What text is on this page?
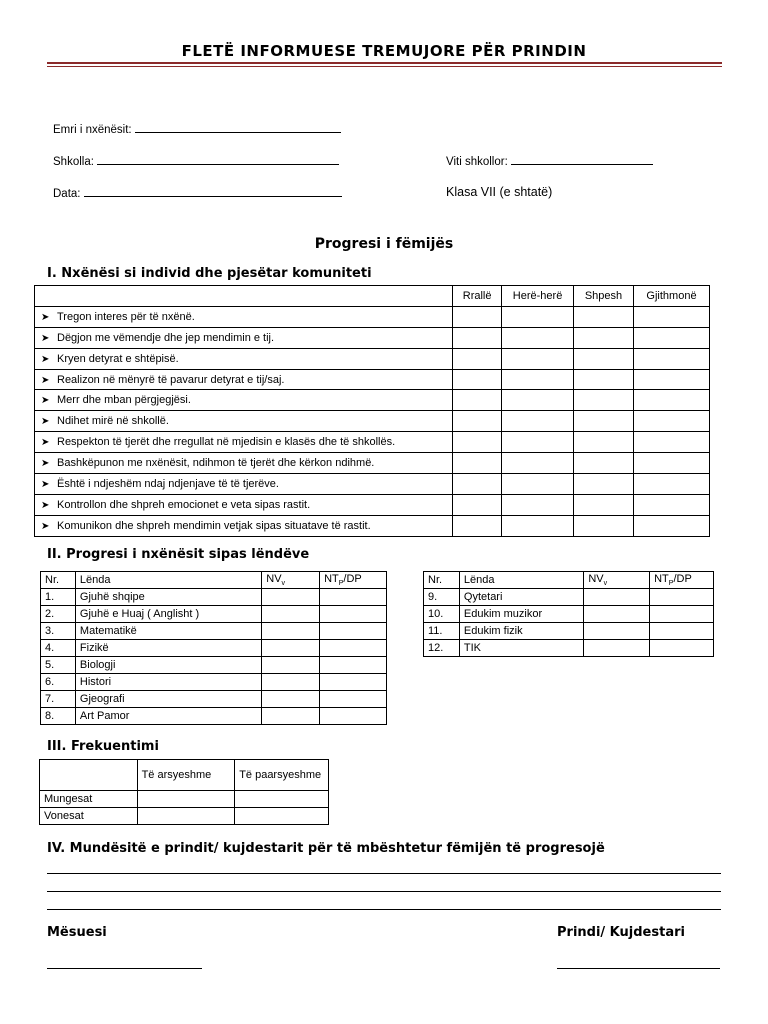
FLETË INFORMUESE TREMUJORE PËR PRINDIN
Emri i nxënësit:
Shkolla:	Viti shkollor:
Data:	Klasa VII (e shtatë)
Progresi i fëmijës
I. Nxënësi si individ dhe pjesëtar komuniteti
	Rrallë	Herë-herë	Shpesh	Gjithmonë
➤ Tregon interes për të nxënë.				
➤ Dëgjon me vëmendje dhe jep mendimin e tij.				
➤ Kryen detyrat e shtëpisë.				
➤ Realizon në mënyrë të pavarur detyrat e tij/saj.				
➤ Merr dhe mban përgjegjësi.				
➤ Ndihet mirë në shkollë.				
➤ Respekton të tjerët dhe rregullat në mjedisin e klasës dhe të shkollës.				
➤ Bashkëpunon me nxënësit, ndihmon të tjerët dhe kërkon ndihmë.				
➤ Është i ndjeshëm ndaj ndjenjave të të tjerëve.				
➤ Kontrollon dhe shpreh emocionet e veta sipas rastit.				
➤ Komunikon dhe shpreh mendimin vetjak sipas situatave të rastit.				
II. Progresi i nxënësit sipas lëndëve
Nr.	Lënda	$NV_v$	$NT_P/DP$
1.	Gjuhë shqipe		
2.	Gjuhë e Huaj ( Anglisht )		
3.	Matematikë		
4.	Fizikë		
5.	Biologji		
6.	Histori		
7.	Gjeografi		
8.	Art Pamor		
Nr.	Lënda	$NV_v$	$NT_P/DP$
9.	Qytetari		
10.	Edukim muzikor		
11.	Edukim fizik		
12.	TIK		
III. Frekuentimi
	Të arsyeshme	Të paarsyeshme
Mungesat		
Vonesat		
IV. Mundësitë e prindit/ kujdestarit për të mbështetur fëmijën të progresojë
Mësuesi	Prindi/ Kujdestari
